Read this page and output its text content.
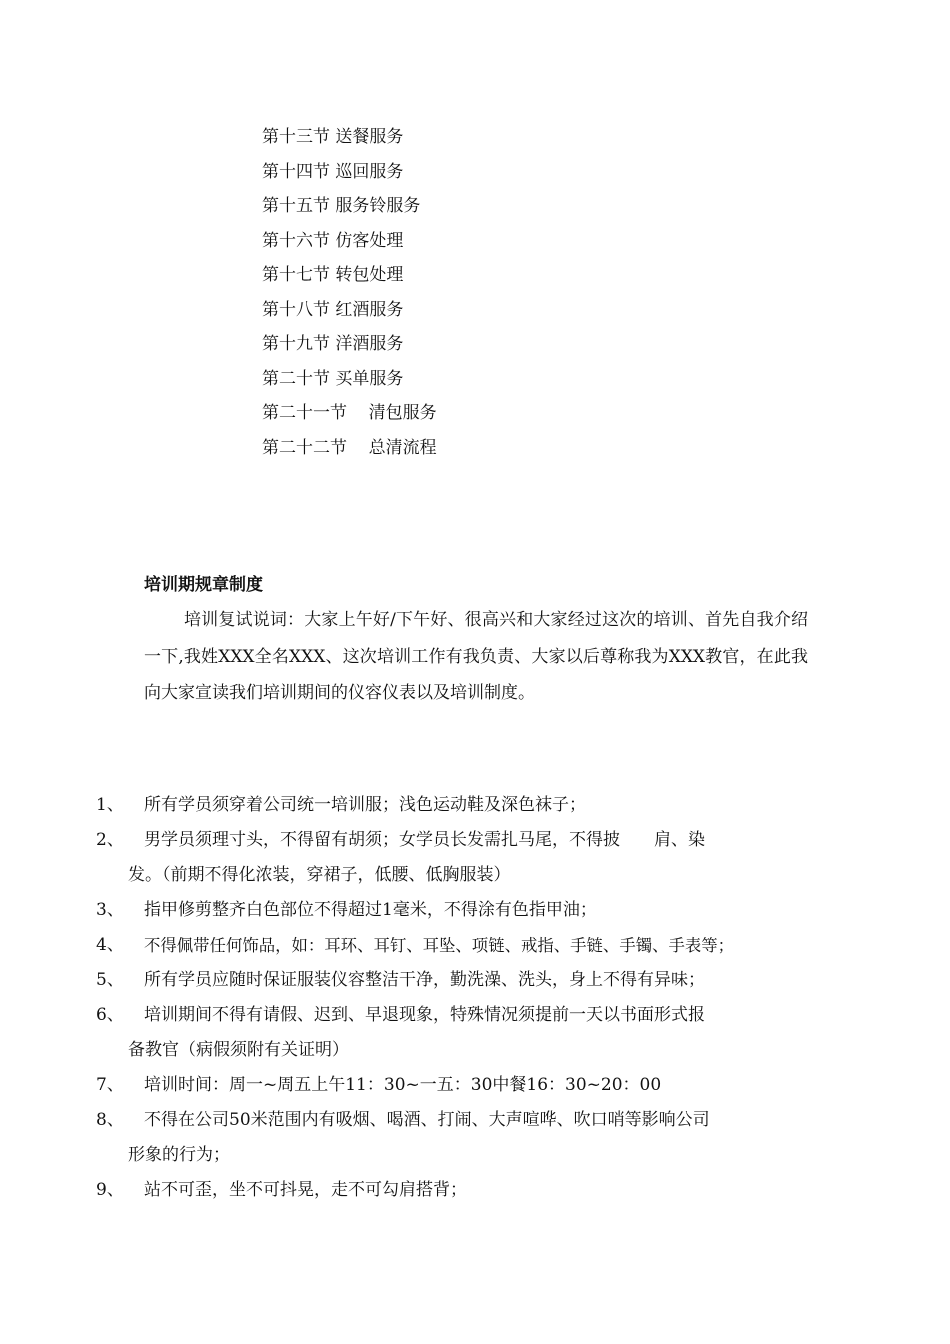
第十三节 送餐服务
第十四节 巡回服务
第十五节 服务铃服务
第十六节 仿客处理
第十七节 转包处理
第十八节 红酒服务
第十九节 洋酒服务
第二十节 买单服务
第二十一节    清包服务
第二十二节    总清流程
培训期规章制度

培训复试说词：大家上午好/下午好、很高兴和大家经过这次的培训、首先自我介绍一下,我姓XXX全名XXX、这次培训工作有我负责、大家以后尊称我为XXX教官，在此我向大家宣读我们培训期间的仪容仪表以及培训制度。

1、	所有学员须穿着公司统一培训服；浅色运动鞋及深色袜子；
2、	男学员须理寸头，不得留有胡须；女学员长发需扎马尾，不得披　　肩、染
发。（前期不得化浓装，穿裙子，低腰、低胸服装）
3、	指甲修剪整齐白色部位不得超过1毫米，不得涂有色指甲油；
4、	不得佩带任何饰品，如：耳环、耳钉、耳坠、项链、戒指、手链、手镯、手表等；
5、	所有学员应随时保证服装仪容整洁干净，勤洗澡、洗头，身上不得有异味；
6、	培训期间不得有请假、迟到、早退现象，特殊情况须提前一天以书面形式报
备教官（病假须附有关证明）
7、	培训时间：周一~周五上午11：30~一五：30中餐16：30~20：00
8、	不得在公司50米范围内有吸烟、喝酒、打闹、大声喧哗、吹口哨等影响公司
形象的行为；
9、	站不可歪，坐不可抖晃，走不可勾肩搭背；
